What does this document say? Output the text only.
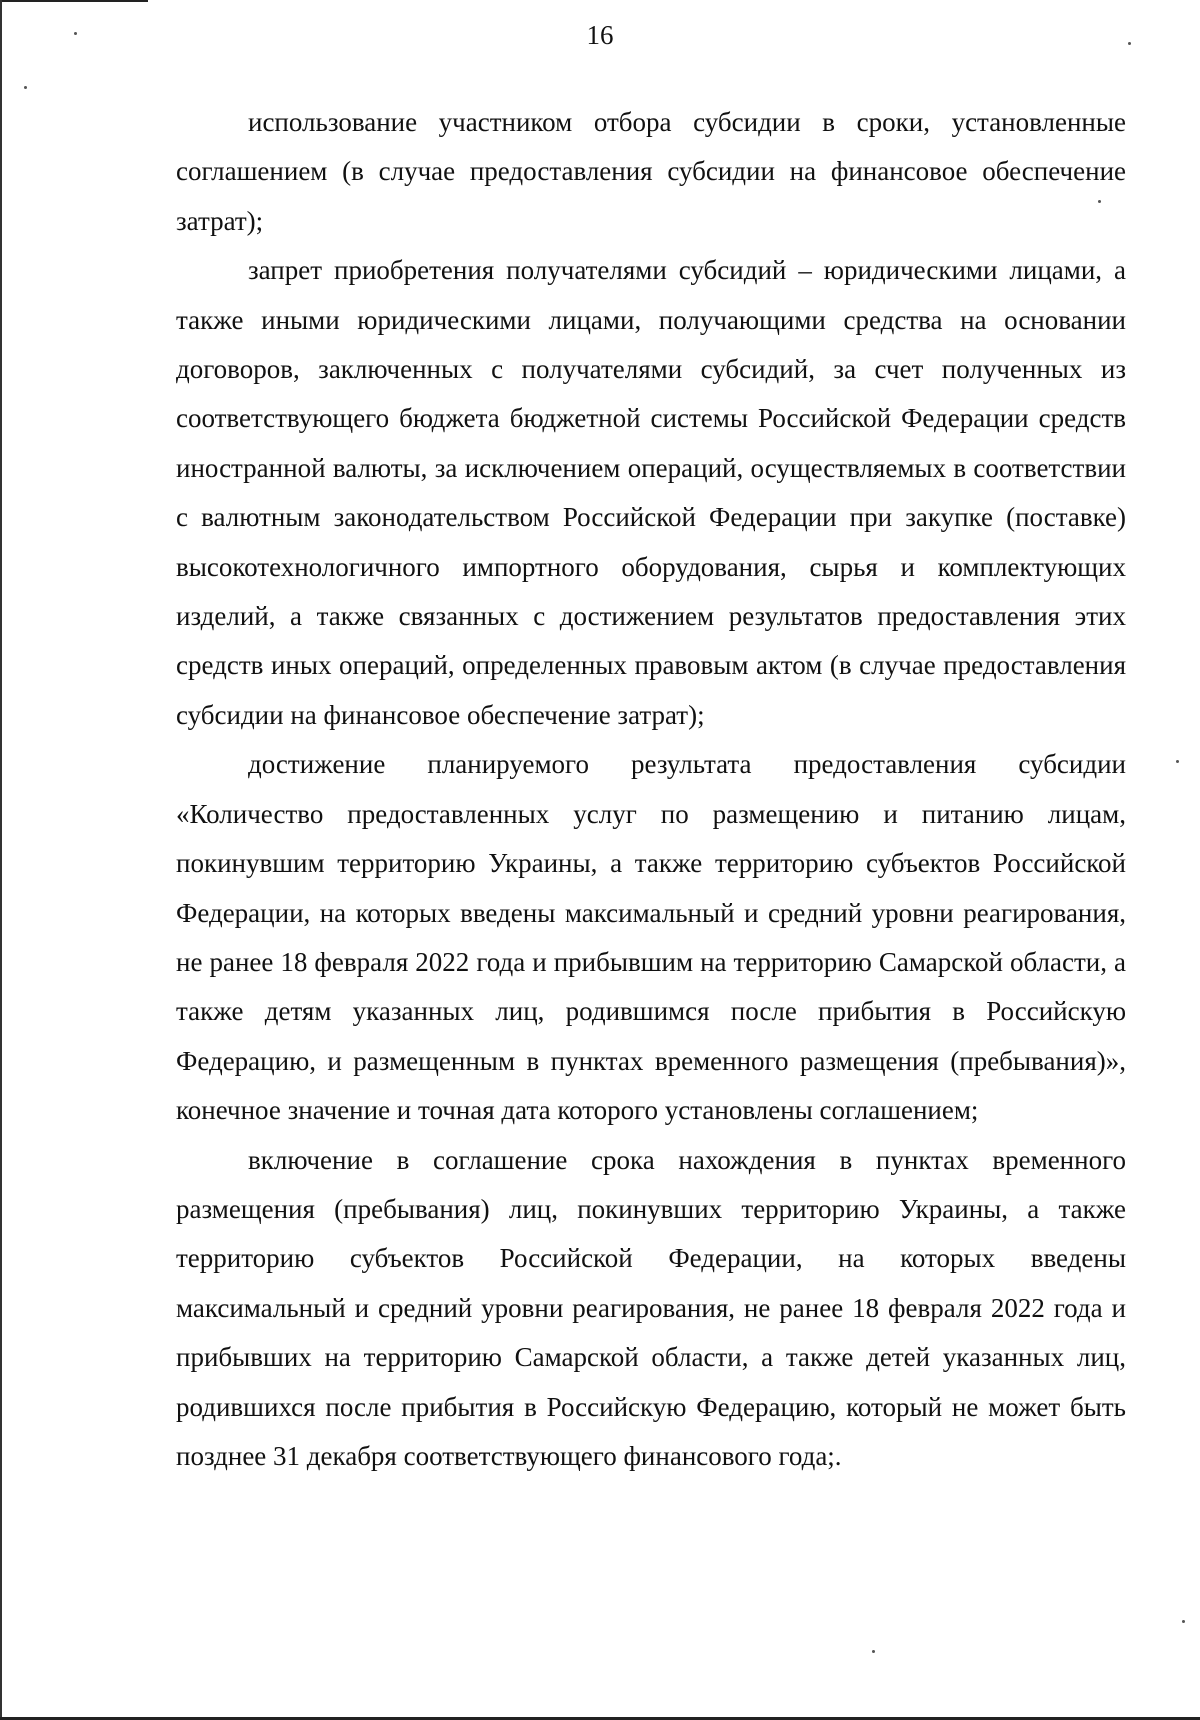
16

использование участником отбора субсидии в сроки, установленные соглашением (в случае предоставления субсидии на финансовое обеспечение затрат);

запрет приобретения получателями субсидий – юридическими лицами, а также иными юридическими лицами, получающими средства на основании договоров, заключенных с получателями субсидий, за счет полученных из соответствующего бюджета бюджетной системы Российской Федерации средств иностранной валюты, за исключением операций, осуществляемых в соответствии с валютным законодательством Российской Федерации при закупке (поставке) высокотехнологичного импортного оборудования, сырья и комплектующих изделий, а также связанных с достижением результатов предоставления этих средств иных операций, определенных правовым актом (в случае предоставления субсидии на финансовое обеспечение затрат);

достижение планируемого результата предоставления субсидии «Количество предоставленных услуг по размещению и питанию лицам, покинувшим территорию Украины, а также территорию субъектов Российской Федерации, на которых введены максимальный и средний уровни реагирования, не ранее 18 февраля 2022 года и прибывшим на территорию Самарской области, а также детям указанных лиц, родившимся после прибытия в Российскую Федерацию, и размещенным в пунктах временного размещения (пребывания)», конечное значение и точная дата которого установлены соглашением;

включение в соглашение срока нахождения в пунктах временного размещения (пребывания) лиц, покинувших территорию Украины, а также территорию субъектов Российской Федерации, на которых введены максимальный и средний уровни реагирования, не ранее 18 февраля 2022 года и прибывших на территорию Самарской области, а также детей указанных лиц, родившихся после прибытия в Российскую Федерацию, который не может быть позднее 31 декабря соответствующего финансового года;.
